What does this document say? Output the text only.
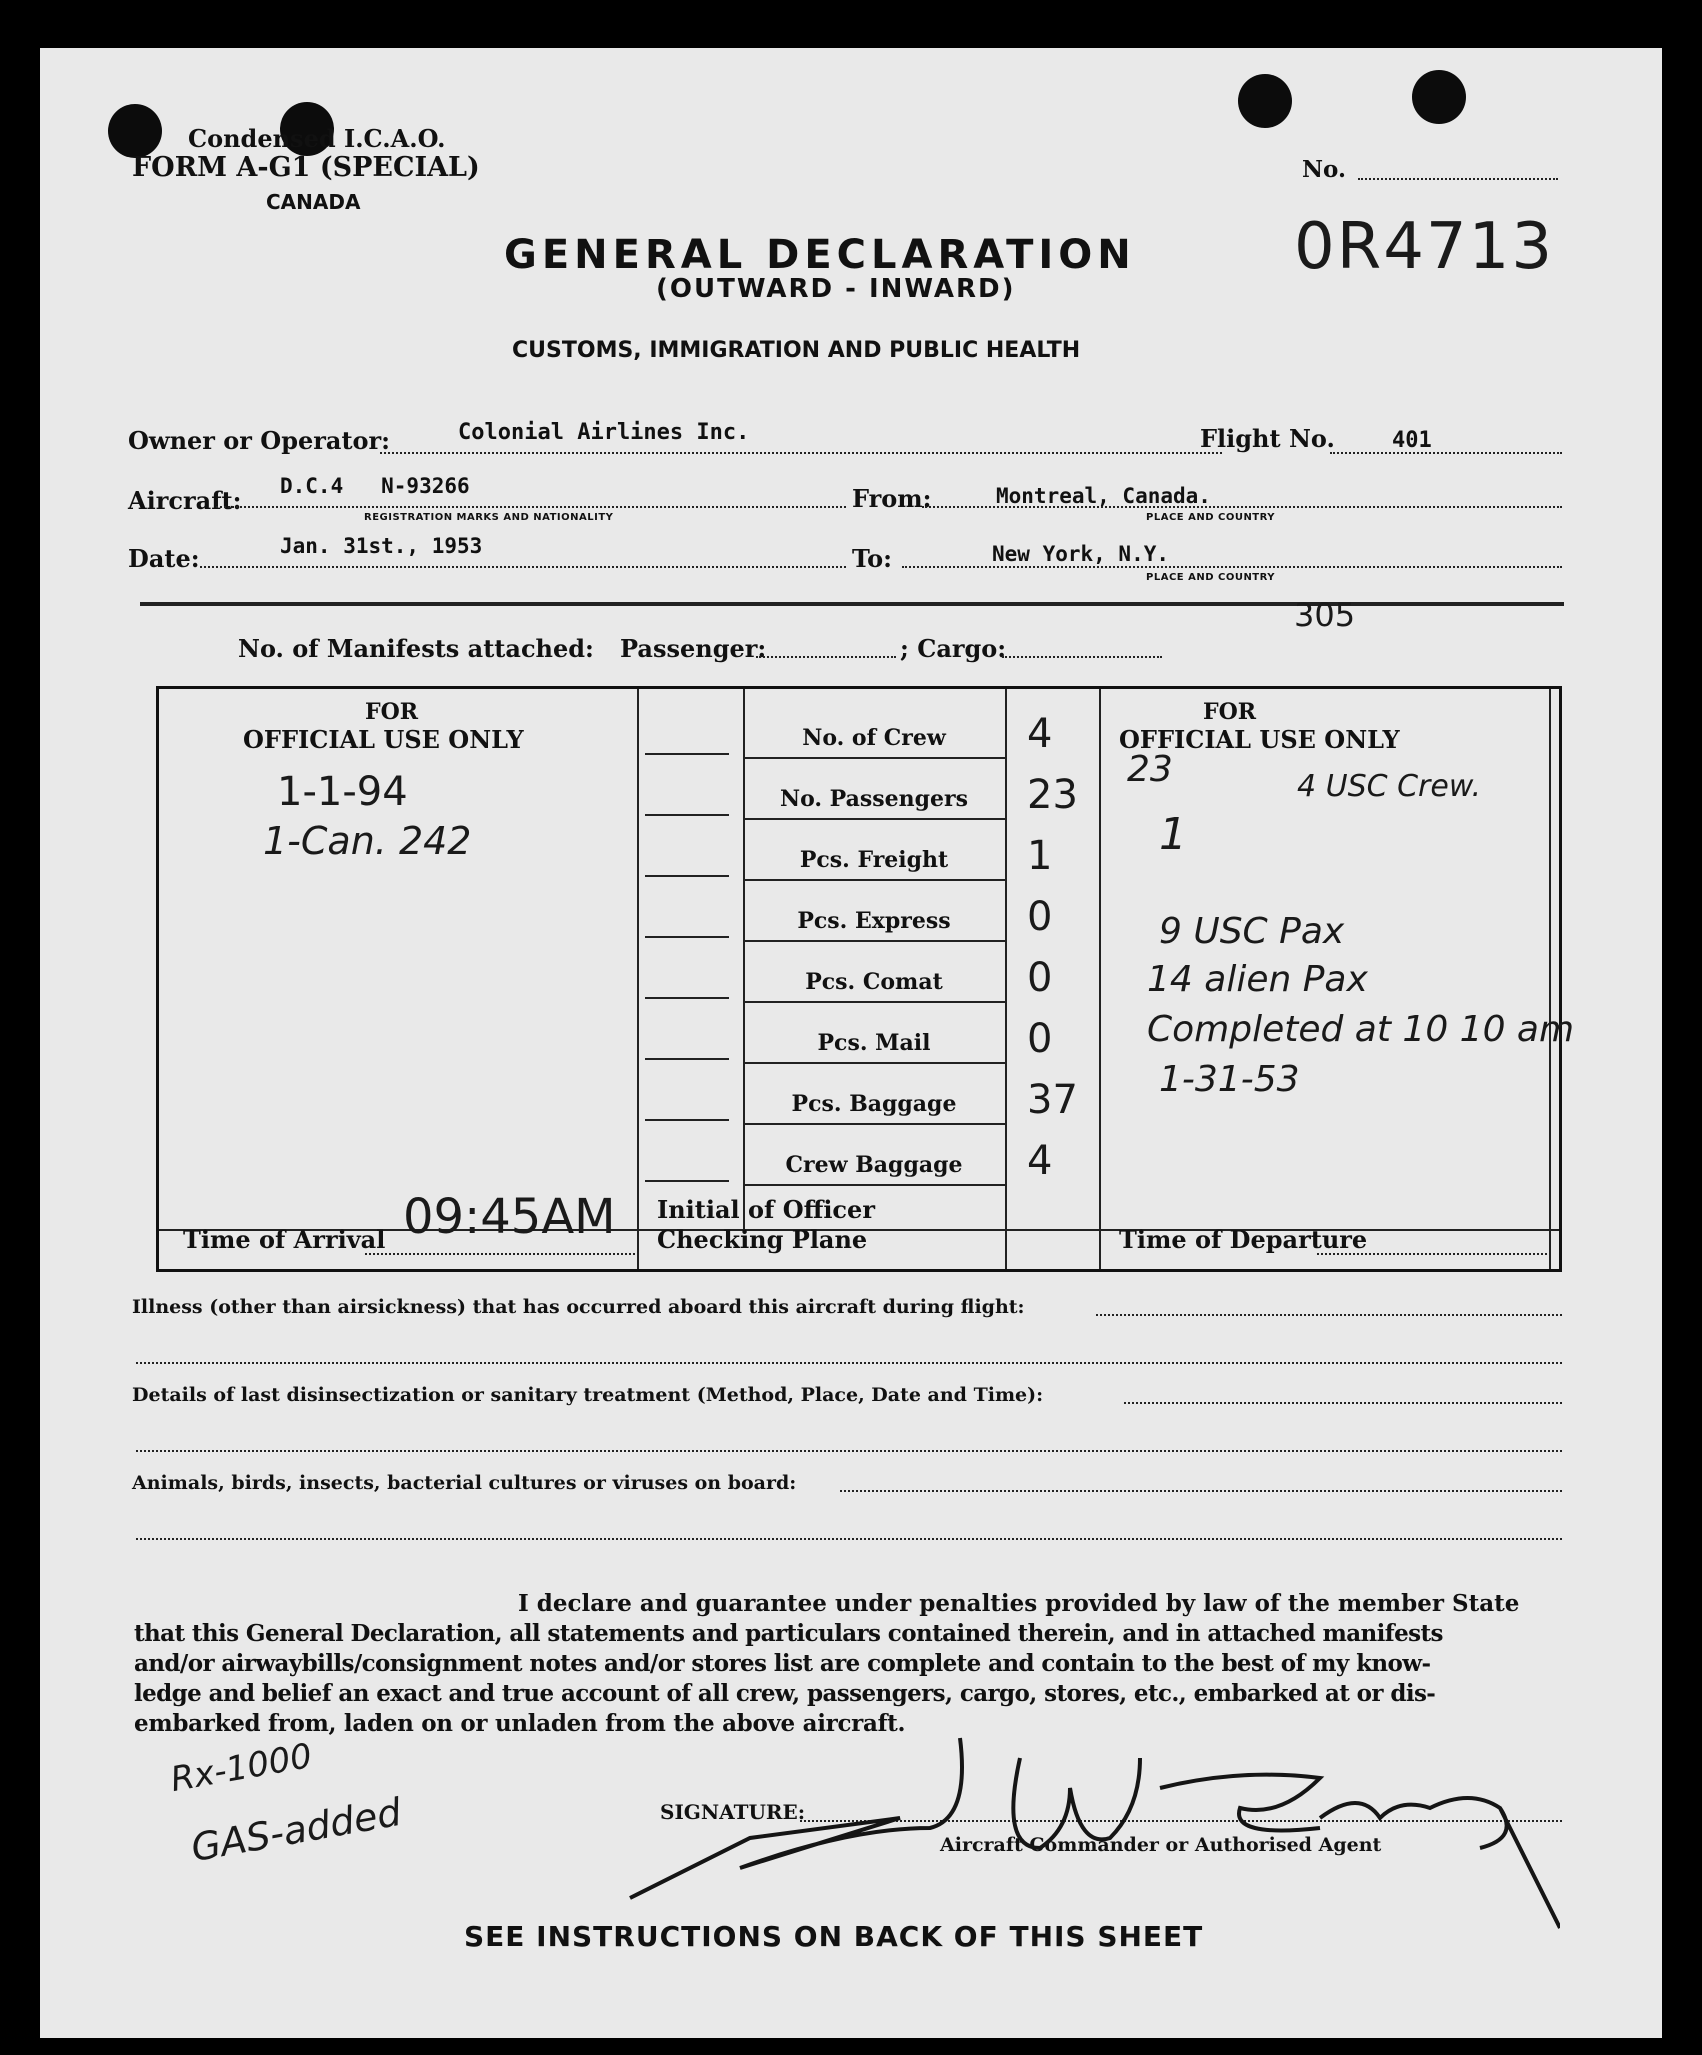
Condensed I.C.A.O.
FORM A-G1 (SPECIAL)
CANADA
No.
0R4713
GENERAL DECLARATION
(OUTWARD - INWARD)
CUSTOMS, IMMIGRATION AND PUBLIC HEALTH
Owner or Operator:	Colonial Airlines Inc.	Flight No.	401
Aircraft: D.C.4   N-93266
REGISTRATION MARKS AND NATIONALITY
From:	Montreal, Canada.
PLACE AND COUNTRY
Date:	Jan. 31st., 1953	To:	New York, N.Y.
PLACE AND COUNTRY
305
No. of Manifests attached: Passenger:	; Cargo:
FOR
OFFICIAL USE ONLY
1-1-94
1-Can. 242
FOR
OFFICIAL USE ONLY
No. of Crew	4
No. Passengers	23
Pcs. Freight	1
Pcs. Express	0
Pcs. Comat	0
Pcs. Mail	0
Pcs. Baggage	37
Crew Baggage	4
23	4 USC Crew.
1
9 USC Pax
14 alien Pax
Completed at 10 10 am
1-31-53
Time of Arrival 09:45AM Initial of Officer
Checking Plane	Time of Departure
Illness (other than airsickness) that has occurred aboard this aircraft during flight:
Details of last disinsectization or sanitary treatment (Method, Place, Date and Time):
Animals, birds, insects, bacterial cultures or viruses on board:
I declare and guarantee under penalties provided by law of the member State
that this General Declaration, all statements and particulars contained therein, and in attached manifests
and/or airwaybills/consignment notes and/or stores list are complete and contain to the best of my know-
ledge and belief an exact and true account of all crew, passengers, cargo, stores, etc., embarked at or dis-
embarked from, laden on or unladen from the above aircraft.
SIGNATURE:
Aircraft Commander or Authorised Agent
Rx-1000
GAS-added
SEE INSTRUCTIONS ON BACK OF THIS SHEET
